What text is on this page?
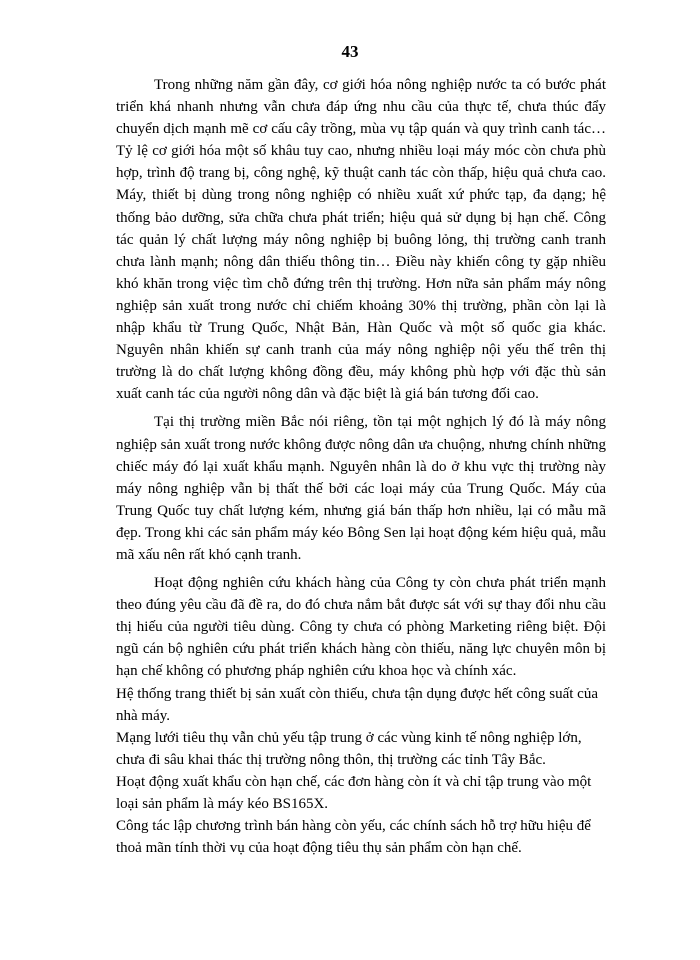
43

Trong những năm gần đây, cơ giới hóa nông nghiệp nước ta có bước phát triển khá nhanh nhưng vẫn chưa đáp ứng nhu cầu của thực tế, chưa thúc đẩy chuyển dịch mạnh mẽ cơ cấu cây trồng, mùa vụ tập quán và quy trình canh tác… Tỷ lệ cơ giới hóa một số khâu tuy cao, nhưng nhiều loại máy móc còn chưa phù hợp, trình độ trang bị, công nghệ, kỹ thuật canh tác còn thấp, hiệu quả chưa cao. Máy, thiết bị dùng trong nông nghiệp có nhiều xuất xứ phức tạp, đa dạng; hệ thống bảo dưỡng, sửa chữa chưa phát triển; hiệu quả sử dụng bị hạn chế. Công tác quản lý chất lượng máy nông nghiệp bị buông lỏng, thị trường canh tranh chưa lành mạnh; nông dân thiếu thông tin… Điều này khiến công ty gặp nhiều khó khăn trong việc tìm chỗ đứng trên thị trường. Hơn nữa sản phẩm máy nông nghiệp sản xuất trong nước chỉ chiếm khoảng 30% thị trường, phần còn lại là nhập khẩu từ Trung Quốc, Nhật Bản, Hàn Quốc và một số quốc gia khác. Nguyên nhân khiến sự canh tranh của máy nông nghiệp nội yếu thế trên thị trường là do chất lượng không đồng đều, máy không phù hợp với đặc thù sản xuất canh tác của người nông dân và đặc biệt là giá bán tương đối cao.

Tại thị trường miền Bắc nói riêng, tồn tại một nghịch lý đó là máy nông nghiệp sản xuất trong nước không được nông dân ưa chuộng, nhưng chính những chiếc máy đó lại xuất khẩu mạnh. Nguyên nhân là do ở khu vực thị trường này máy nông nghiệp vẫn bị thất thế bởi các loại máy của Trung Quốc. Máy của Trung Quốc tuy chất lượng kém, nhưng giá bán thấp hơn nhiều, lại có mẫu mã đẹp. Trong khi các sản phẩm máy kéo Bông Sen lại hoạt động kém hiệu quả, mẫu mã xấu nên rất khó cạnh tranh.

Hoạt động nghiên cứu khách hàng của Công ty còn chưa phát triển mạnh theo đúng yêu cầu đã đề ra, do đó chưa nắm bắt được sát với sự thay đổi nhu cầu thị hiếu của người tiêu dùng. Công ty chưa có phòng Marketing riêng biệt. Đội ngũ cán bộ nghiên cứu phát triển khách hàng còn thiếu, năng lực chuyên môn bị hạn chế không có phương pháp nghiên cứu khoa học và chính xác.

Hệ thống trang thiết bị sản xuất còn thiếu, chưa tận dụng được hết công suất của nhà máy.

Mạng lưới tiêu thụ vẫn chủ yếu tập trung ở các vùng kinh tế nông nghiệp lớn, chưa đi sâu khai thác thị trường nông thôn, thị trường các tỉnh Tây Bắc.

Hoạt động xuất khẩu còn hạn chế, các đơn hàng còn ít và chỉ tập trung vào một loại sản phẩm là máy kéo BS165X.

Công tác lập chương trình bán hàng còn yếu, các chính sách hỗ trợ hữu hiệu để thoả mãn tính thời vụ của hoạt động tiêu thụ sản phẩm còn hạn chế.
